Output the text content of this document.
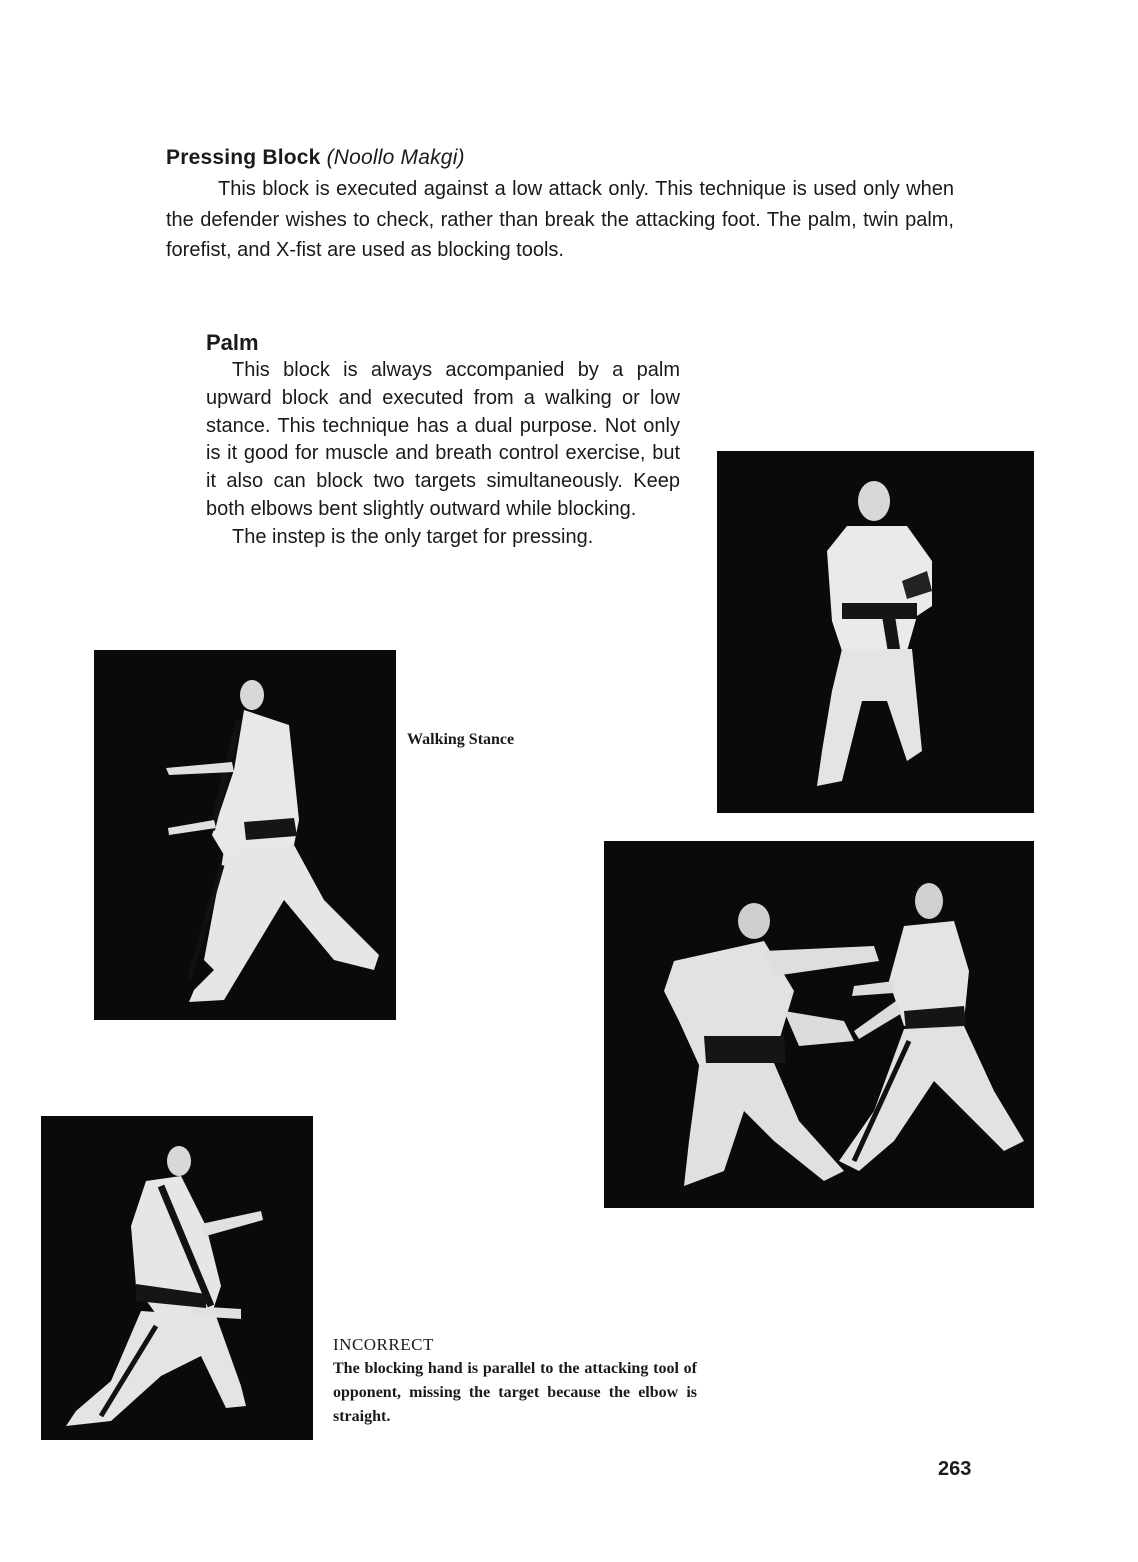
Pressing Block (Noollo Makgi)
This block is executed against a low attack only. This technique is used only when the defender wishes to check, rather than break the attacking foot. The palm, twin palm, forefist, and X-fist are used as blocking tools.
Palm

This block is always accompanied by a palm upward block and executed from a walking or low stance. This technique has a dual purpose. Not only is it good for muscle and breath control exercise, but it also can block two targets simultaneously. Keep both elbows bent slightly outward while blocking.

The instep is the only target for pressing.

Walking Stance
INCORRECT
The blocking hand is parallel to the attacking tool of opponent, missing the target because the elbow is straight.
263
